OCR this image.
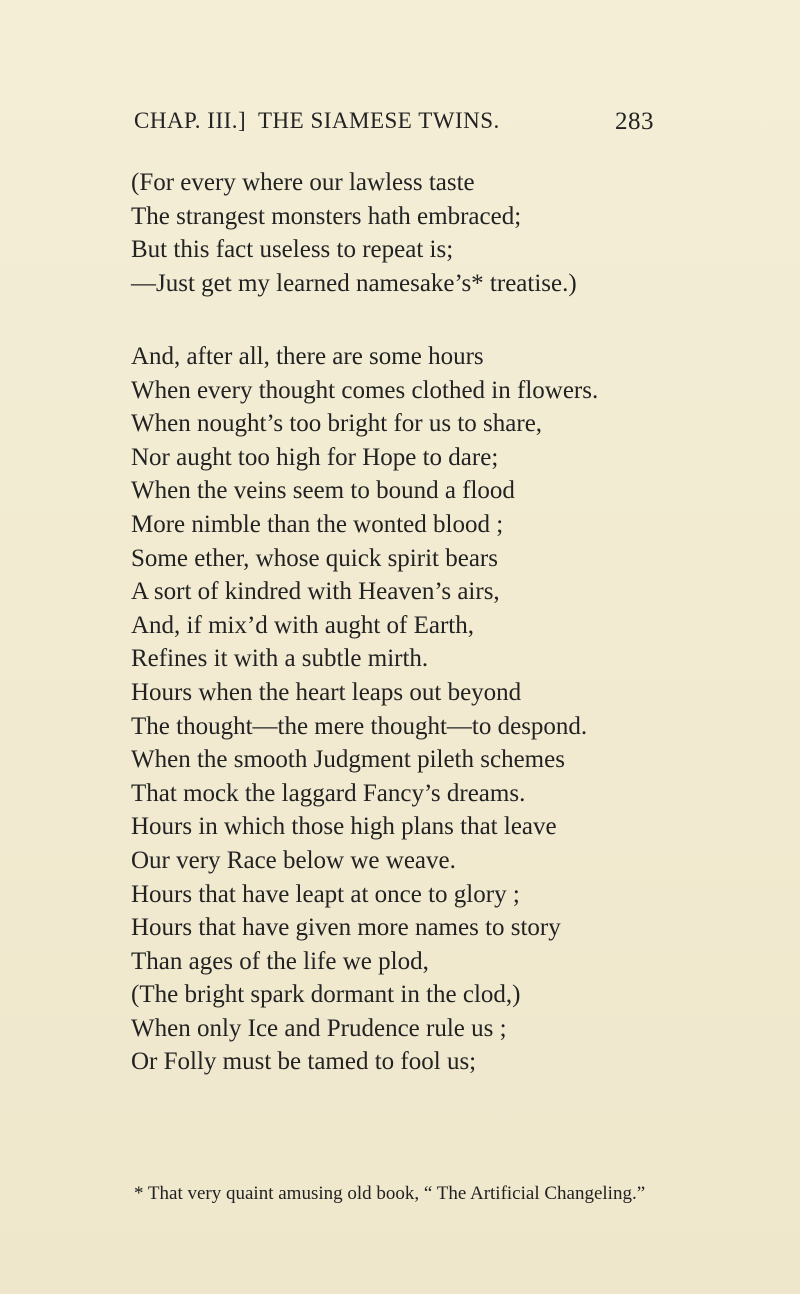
CHAP. III.] THE SIAMESE TWINS.	283
(For every where our lawless taste
The strangest monsters hath embraced;
But this fact useless to repeat is;
—Just get my learned namesake’s* treatise.)
And, after all, there are some hours
When every thought comes clothed in flowers.
When nought’s too bright for us to share,
Nor aught too high for Hope to dare;
When the veins seem to bound a flood
More nimble than the wonted blood ;
Some ether, whose quick spirit bears
A sort of kindred with Heaven’s airs,
And, if mix’d with aught of Earth,
Refines it with a subtle mirth.
Hours when the heart leaps out beyond
The thought—the mere thought—to despond.
When the smooth Judgment pileth schemes
That mock the laggard Fancy’s dreams.
Hours in which those high plans that leave
Our very Race below we weave.
Hours that have leapt at once to glory ;
Hours that have given more names to story
Than ages of the life we plod,
(The bright spark dormant in the clod,)
When only Ice and Prudence rule us ;
Or Folly must be tamed to fool us;
* That very quaint amusing old book, “ The Artificial Changeling.”
